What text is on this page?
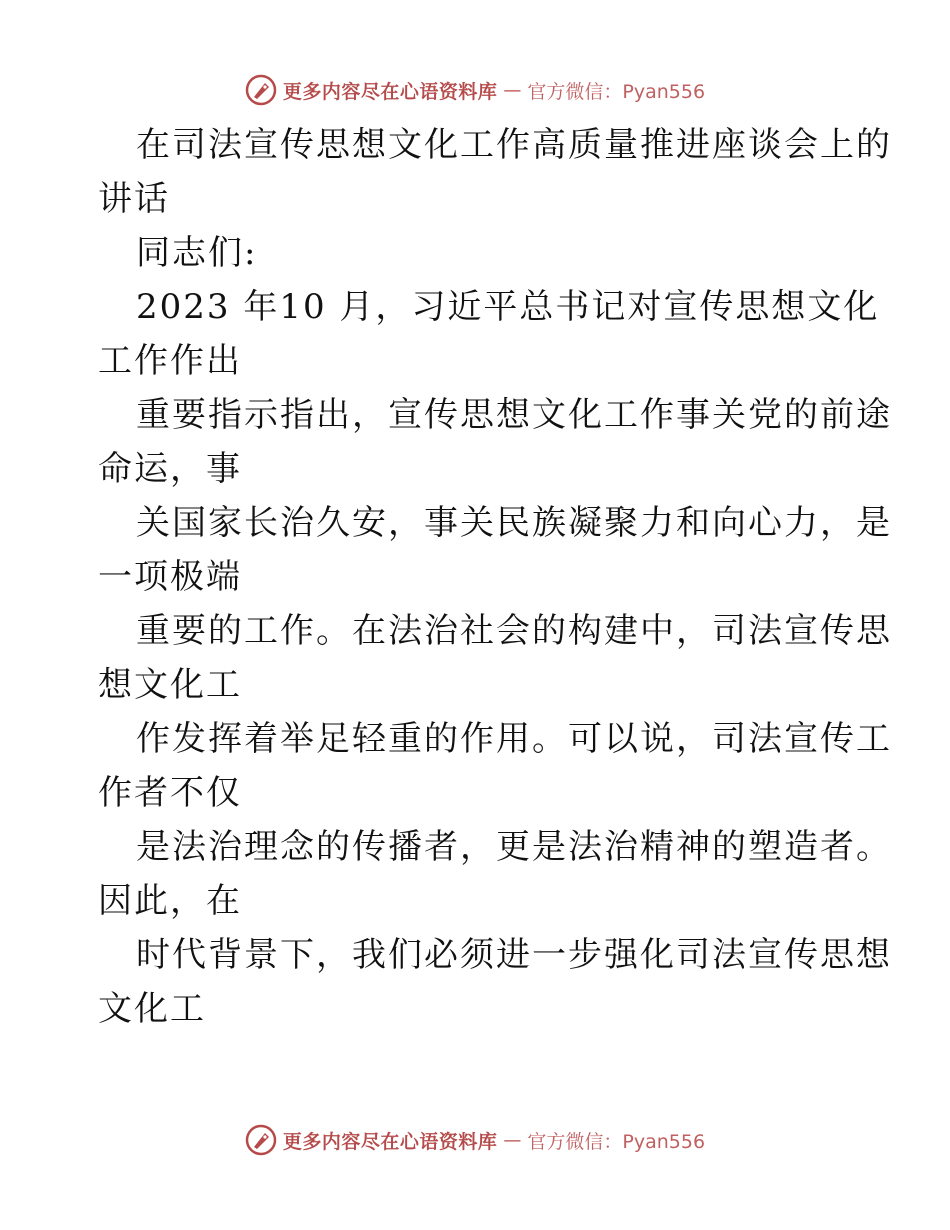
更多内容尽在心语资料库 — 官方微信：Pyan556
在司法宣传思想文化工作高质量推进座谈会上的
讲话
同志们:
2023 年10 月，习近平总书记对宣传思想文化
工作作出
重要指示指出，宣传思想文化工作事关党的前途
命运，事
关国家长治久安，事关民族凝聚力和向心力，是
一项极端
重要的工作。在法治社会的构建中，司法宣传思
想文化工
作发挥着举足轻重的作用。可以说，司法宣传工
作者不仅
是法治理念的传播者，更是法治精神的塑造者。
因此，在
时代背景下，我们必须进一步强化司法宣传思想
文化工
更多内容尽在心语资料库 — 官方微信：Pyan556
